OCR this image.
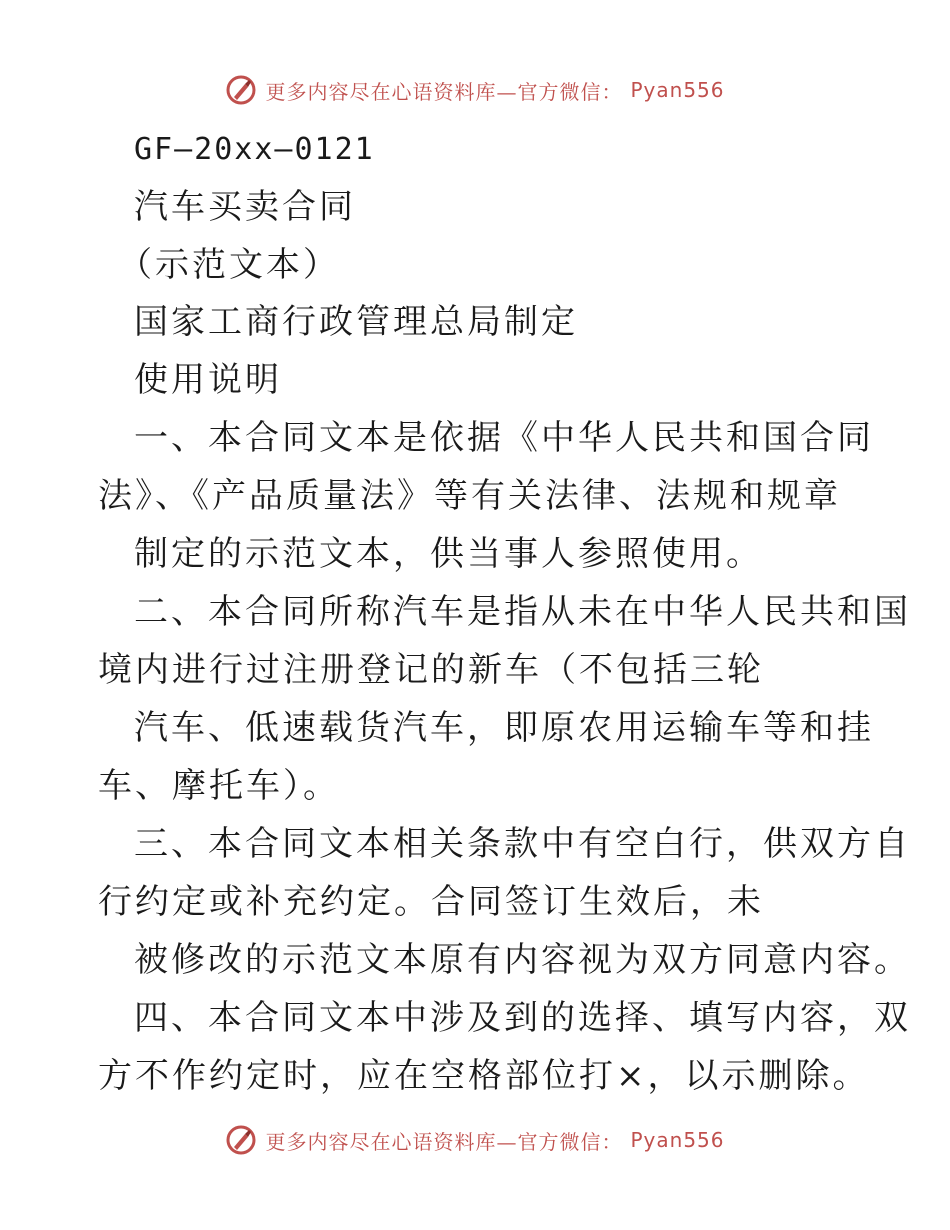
更多内容尽在心语资料库—官方微信： Pyan556
GF—20xx—0121
汽车买卖合同
（示范文本）
国家工商行政管理总局制定
使用说明
一、本合同文本是依据《中华人民共和国合同
法》、《产品质量法》等有关法律、法规和规章
制定的示范文本，供当事人参照使用。
二、本合同所称汽车是指从未在中华人民共和国
境内进行过注册登记的新车（不包括三轮
汽车、低速载货汽车，即原农用运输车等和挂
车、摩托车）。
三、本合同文本相关条款中有空白行，供双方自
行约定或补充约定。合同签订生效后，未
被修改的示范文本原有内容视为双方同意内容。
四、本合同文本中涉及到的选择、填写内容，双
方不作约定时，应在空格部位打×，以示删除。
更多内容尽在心语资料库—官方微信： Pyan556
